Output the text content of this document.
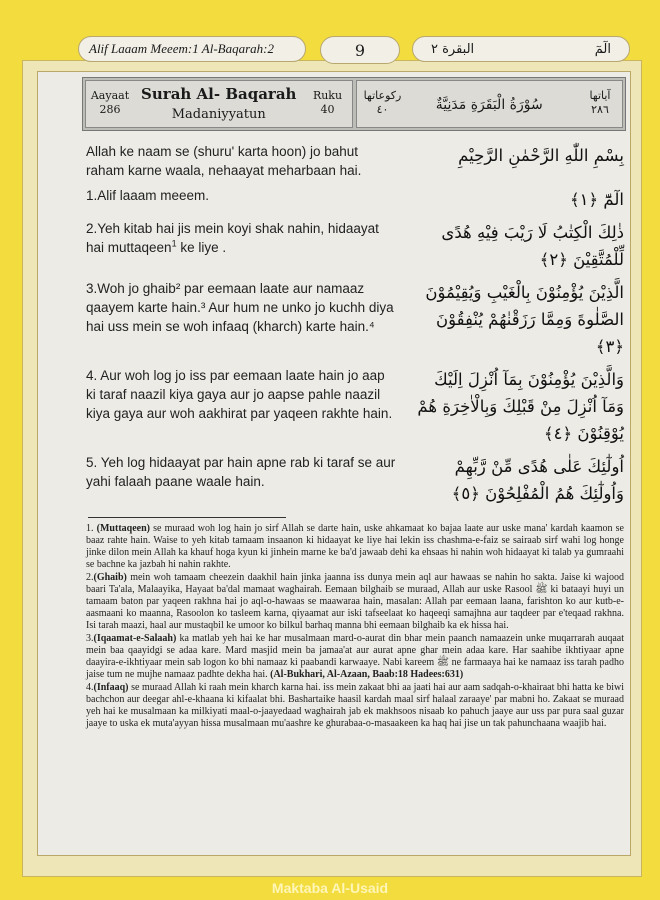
Alif Laaam Meeem:1 Al-Baqarah:2	9	الٓمٓ
البقرة ٢
Aayaat
286
Surah Al- Baqarah
Madaniyyatun
Ruku
40
رکوعاتها
٤٠	سُوْرَةُ الْبَقَرَةِ مَدَنِيَّةٌ
آياتها
٢٨٦
Allah ke naam se (shuru' karta hoon) jo bahut raham karne waala, nehaayat meharbaan hai.
بِسْمِ اللّٰهِ الرَّحْمٰنِ الرَّحِيْمِ
1.Alif laaam meeem.	الٓمّٓ ﴿١﴾
2.Yeh kitab hai jis mein koyi shak nahin, hidaayat hai muttaqeen$^1$ ke liye .
ذٰلِكَ الْكِتٰبُ لَا رَيْبَ فِيْهِ هُدًى لِّلْمُتَّقِيْنَ ﴿٢﴾
3.Woh jo ghaib² par eemaan laate aur namaaz qaayem karte hain.³ Aur hum ne unko jo kuchh diya hai uss mein se woh infaaq (kharch) karte hain.⁴
الَّذِيْنَ يُؤْمِنُوْنَ بِالْغَيْبِ وَيُقِيْمُوْنَ الصَّلٰوةَ وَمِمَّا رَزَقْنٰهُمْ يُنْفِقُوْنَ ﴿٣﴾
4. Aur woh log jo iss par eemaan laate hain jo aap ki taraf naazil kiya gaya aur jo aapse pahle naazil kiya gaya aur woh aakhirat par yaqeen rakhte hain.
وَالَّذِيْنَ يُؤْمِنُوْنَ بِمَآ اُنْزِلَ اِلَيْكَ وَمَآ اُنْزِلَ مِنْ قَبْلِكَ وَبِالْاٰخِرَةِ هُمْ يُوْقِنُوْنَ ﴿٤﴾
5. Yeh log hidaayat par hain apne rab ki taraf se aur yahi falaah paane waale hain.
اُولٰٓئِكَ عَلٰى هُدًى مِّنْ رَّبِّهِمْ وَاُولٰٓئِكَ هُمُ الْمُفْلِحُوْنَ ﴿٥﴾
1. (Muttaqeen) se muraad woh log hain jo sirf Allah se darte hain, uske ahkamaat ko bajaa laate aur uske mana' kardah kaamon se baaz rahte hain. Waise to yeh kitab tamaam insaanon ki hidaayat ke liye hai lekin iss chashma-e-faiz se sairaab sirf wahi log honge jinke dilon mein Allah ka khauf hoga kyun ki jinhein marne ke ba'd jawaab dehi ka ehsaas hi nahin woh hidaayat ki talab ya gumraahi se bachne ka jazbah hi nahin rakhte.
2.(Ghaib) mein woh tamaam cheezein daakhil hain jinka jaanna iss dunya mein aql aur hawaas se nahin ho sakta. Jaise ki wajood baari Ta'ala, Malaayika, Hayaat ba'dal mamaat waghairah. Eemaan bilghaib se muraad, Allah aur uske Rasool ﷺ ki bataayi huyi un tamaam baton par yaqeen rakhna hai jo aql-o-hawaas se maawaraa hain, masalan: Allah par eemaan laana, farishton ko aur kutb-e-aasmaani ko maanna, Rasoolon ko tasleem karna, qiyaamat aur iski tafseelaat ko haqeeqi samajhna aur taqdeer par e'teqaad rakhna. Isi tarah maazi, haal aur mustaqbil ke umoor ko bilkul barhaq manna bhi eemaan bilghaib ka ek hissa hai.
3.(Iqaamat-e-Salaah) ka matlab yeh hai ke har musalmaan mard-o-aurat din bhar mein paanch namaazein unke muqarrarah auqaat mein baa qaayidgi se adaa kare. Mard masjid mein ba jamaa'at aur aurat apne ghar mein adaa kare. Har saahibe ikhtiyaar apne daayira-e-ikhtiyaar mein sab logon ko bhi namaaz ki paabandi karwaaye. Nabi kareem ﷺ ne farmaaya hai ke namaaz iss tarah padho jaise tum ne mujhe namaaz padhte dekha hai. (Al-Bukhari, Al-Azaan, Baab:18 Hadees:631)
4.(Infaaq) se muraad Allah ki raah mein kharch karna hai. iss mein zakaat bhi aa jaati hai aur aam sadqah-o-khairaat bhi hatta ke biwi bachchon aur deegar ahl-e-khaana ki kifaalat bhi. Bashartaike haasil kardah maal sirf halaal zaraaye' par mabni ho. Zakaat se muraad yeh hai ke musalmaan ka milkiyati maal-o-jaayedaad waghairah jab ek makhsoos nisaab ko pahuch jaaye aur uss par pura saal guzar jaaye to uska ek muta'ayyan hissa musalmaan mu'aashre ke ghurabaa-o-masaakeen ka haq hai jise un tak pahunchaana waajib hai.
Maktaba Al-Usaid
